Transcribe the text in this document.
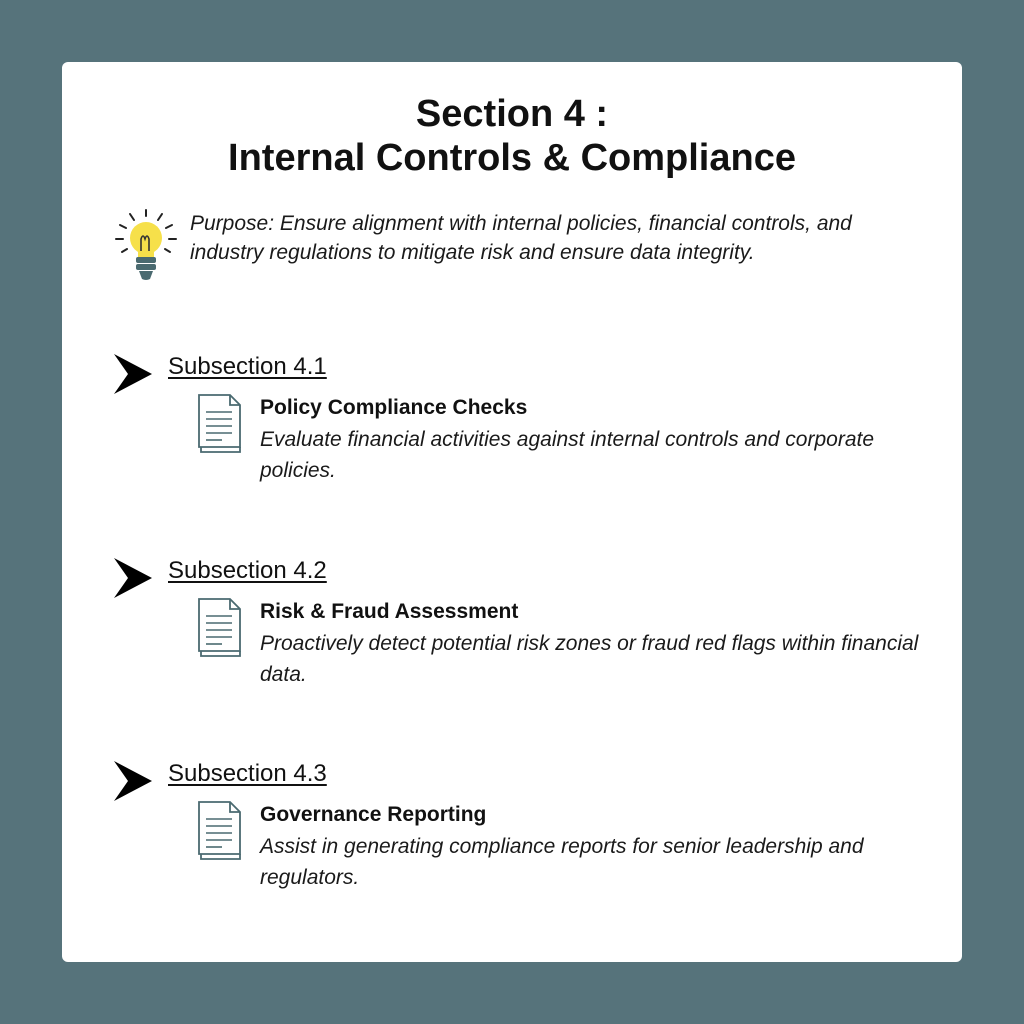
Section 4 :
Internal Controls & Compliance

Purpose: Ensure alignment with internal policies, financial controls, and industry regulations to mitigate risk and ensure data integrity.

Subsection 4.1
Policy Compliance Checks

Evaluate financial activities against internal controls and corporate policies.

Subsection 4.2
Risk & Fraud Assessment

Proactively detect potential risk zones or fraud red flags within financial data.

Subsection 4.3
Governance Reporting

Assist in generating compliance reports for senior leadership and regulators.
